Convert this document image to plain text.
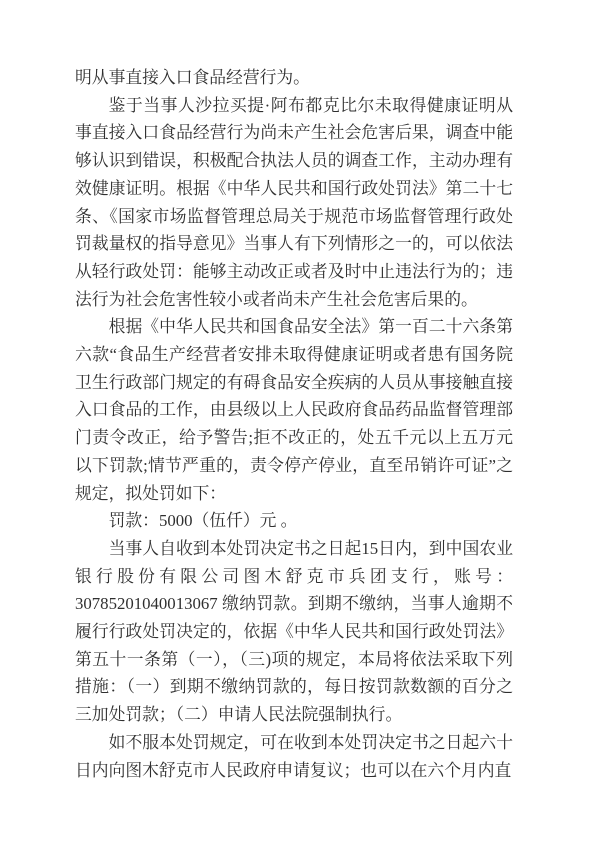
明从事直接入口食品经营行为。

鉴于当事人沙拉买提·阿布都克比尔未取得健康证明从事直接入口食品经营行为尚未产生社会危害后果，调查中能够认识到错误，积极配合执法人员的调查工作，主动办理有效健康证明。根据《中华人民共和国行政处罚法》第二十七条、《国家市场监督管理总局关于规范市场监督管理行政处罚裁量权的指导意见》当事人有下列情形之一的，可以依法从轻行政处罚：能够主动改正或者及时中止违法行为的；违法行为社会危害性较小或者尚未产生社会危害后果的。

根据《中华人民共和国食品安全法》第一百二十六条第六款“食品生产经营者安排未取得健康证明或者患有国务院卫生行政部门规定的有碍食品安全疾病的人员从事接触直接入口食品的工作，由县级以上人民政府食品药品监督管理部门责令改正，给予警告;拒不改正的，处五千元以上五万元以下罚款;情节严重的，责令停产停业，直至吊销许可证”之规定，拟处罚如下：

罚款：5000（伍仟）元 。

当事人自收到本处罚决定书之日起15日内，到中国农业银行股份有限公司图木舒克市兵团支行，账号：30785201040013067 缴纳罚款。到期不缴纳，当事人逾期不履行行政处罚决定的，依据《中华人民共和国行政处罚法》第五十一条第（一），（三)项的规定，本局将依法采取下列措施：（一）到期不缴纳罚款的，每日按罚款数额的百分之三加处罚款；（二）申请人民法院强制执行。

如不服本处罚规定，可在收到本处罚决定书之日起六十日内向图木舒克市人民政府申请复议；也可以在六个月内直
